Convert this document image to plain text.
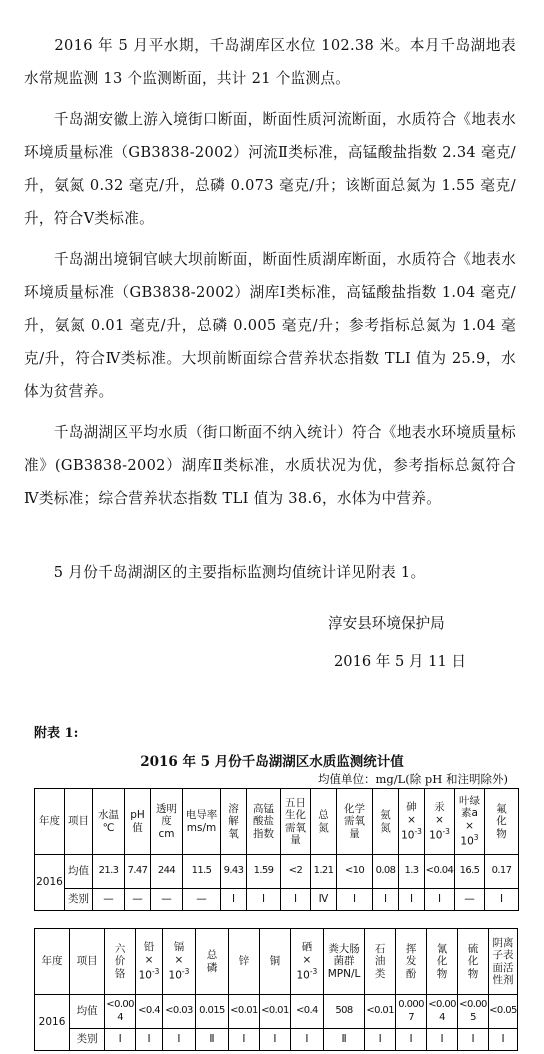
　　2016 年 5 月平水期，千岛湖库区水位 102.38 米。本月千岛湖地表水常规监测 13 个监测断面，共计 21 个监测点。

　　千岛湖安徽上游入境街口断面，断面性质河流断面，水质符合《地表水环境质量标准（GB3838-2002）河流Ⅱ类标准，高锰酸盐指数 2.34 毫克/升，氨氮 0.32 毫克/升，总磷 0.073 毫克/升；该断面总氮为 1.55 毫克/升，符合Ⅴ类标准。

　　千岛湖出境铜官峡大坝前断面，断面性质湖库断面，水质符合《地表水环境质量标准（GB3838-2002）湖库Ⅰ类标准，高锰酸盐指数 1.04 毫克/升，氨氮 0.01 毫克/升，总磷 0.005 毫克/升；参考指标总氮为 1.04 毫克/升，符合Ⅳ类标准。大坝前断面综合营养状态指数 TLI 值为 25.9，水体为贫营养。

　　千岛湖湖区平均水质（街口断面不纳入统计）符合《地表水环境质量标准》(GB3838-2002）湖库Ⅱ类标准，水质状况为优，参考指标总氮符合Ⅳ类标准；综合营养状态指数 TLI 值为 38.6，水体为中营养。

　　5 月份千岛湖湖区的主要指标监测均值统计详见附表 1。

淳安县环境保护局
2016 年 5 月 11 日
附表 1:
2016 年 5 月份千岛湖湖区水质监测统计值
均值单位：mg/L(除 pH 和注明除外)
年度	项目	水温
℃	pH
值	透明
度
cm	电导率
ms/m	溶
解
氧	高锰
酸盐
指数	五日
生化
需氧
量	总
氮	化学
需氧
量	氨
氮	砷
×
$10^{-3}$	汞
×
$10^{-3}$	叶绿
素a
×
$10^3$	氟
化
物
2016	均值	21.3	7.47	244	11.5	9.43	1.59	<2	1.21	<10	0.08	1.3	<0.04	16.5	0.17
	类别	—	—	—	—	Ⅰ	Ⅰ	Ⅰ	Ⅳ	Ⅰ	Ⅰ	Ⅰ	Ⅰ	—	Ⅰ
年度	项目	六
价
铬	铅
×
$10^{-3}$	镉
×
$10^{-3}$	总
磷	锌	铜	硒
×
$10^{-3}$	粪大肠
菌群
MPN/L	石
油
类	挥
发
酚	氰
化
物	硫
化
物	阴离
子表
面活
性剂
2016	均值	<0.004	<0.4	<0.03	0.015	<0.01	<0.01	<0.4	508	<0.01	0.0007	<0.004	<0.005	<0.05
	类别	Ⅰ	Ⅰ	Ⅰ	Ⅱ	Ⅰ	Ⅰ	Ⅰ	Ⅱ	Ⅰ	Ⅰ	Ⅰ	Ⅰ	Ⅰ
